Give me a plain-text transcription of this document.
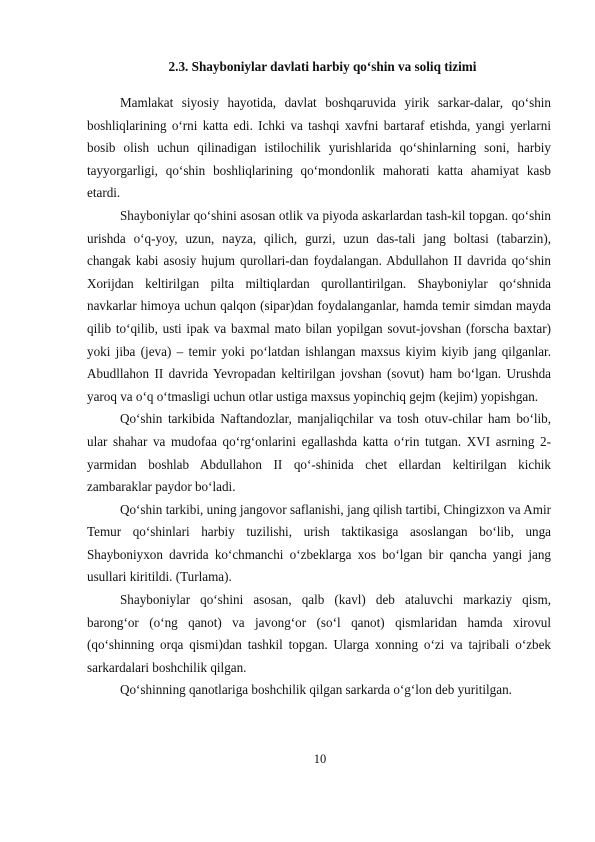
2.3. Shayboniylar davlati harbiy qo‘shin va soliq tizimi

Mamlakat siyosiy hayotida, davlat boshqaruvida yirik sarkar-dalar, qo‘shin boshliqlarining o‘rni katta edi. Ichki va tashqi xavfni bartaraf etishda, yangi yerlarni bosib olish uchun qilinadigan istilochilik yurishlarida qo‘shinlarning soni, harbiy tayyorgarligi, qo‘shin boshliqlarining qo‘mondonlik mahorati katta ahamiyat kasb etardi.

Shayboniylar qo‘shini asosan otlik va piyoda askarlardan tash-kil topgan. qo‘shin urishda o‘q-yoy, uzun, nayza, qilich, gurzi, uzun das-tali jang boltasi (tabarzin), changak kabi asosiy hujum qurollari-dan foydalangan. Abdullahon II davrida qo‘shin Xorijdan keltirilgan pilta miltiqlardan qurollantirilgan. Shayboniylar qo‘shnida navkarlar himoya uchun qalqon (sipar)dan foydalanganlar, hamda temir simdan mayda qilib to‘qilib, usti ipak va baxmal mato bilan yopilgan sovut-jovshan (forscha baxtar) yoki jiba (jeva) – temir yoki po‘latdan ishlangan maxsus kiyim kiyib jang qilganlar. Abudllahon II davrida Yevropadan keltirilgan jovshan (sovut) ham bo‘lgan. Urushda yaroq va o‘q o‘tmasligi uchun otlar ustiga maxsus yopinchiq gejm (kejim) yopishgan.

Qo‘shin tarkibida Naftandozlar, manjaliqchilar va tosh otuv-chilar ham bo‘lib, ular shahar va mudofaa qo‘rg‘onlarini egallashda katta o‘rin tutgan. XVI asrning 2-yarmidan boshlab Abdullahon II qo‘-shinida chet ellardan keltirilgan kichik zambaraklar paydor bo‘ladi.

Qo‘shin tarkibi, uning jangovor saflanishi, jang qilish tartibi, Chingizxon va Amir Temur qo‘shinlari harbiy tuzilishi, urish taktikasiga asoslangan bo‘lib, unga Shayboniyxon davrida ko‘chmanchi o‘zbeklarga xos bo‘lgan bir qancha yangi jang usullari kiritildi. (Turlama).

Shayboniylar qo‘shini asosan, qalb (kavl) deb ataluvchi markaziy qism, barong‘or (o‘ng qanot) va javong‘or (so‘l qanot) qismlaridan hamda xirovul (qo‘shinning orqa qismi)dan tashkil topgan. Ularga xonning o‘zi va tajribali o‘zbek sarkardalari boshchilik qilgan.

Qo‘shinning qanotlariga boshchilik qilgan sarkarda o‘g‘lon deb yuritilgan.

10
